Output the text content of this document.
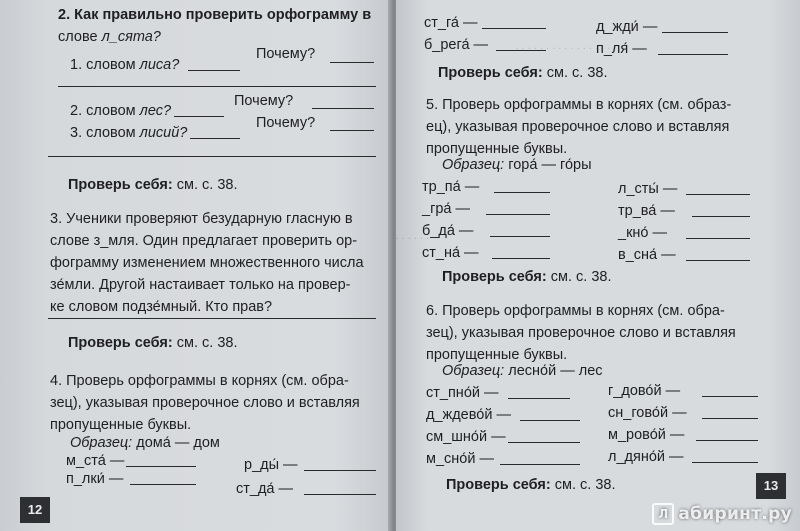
2. Как правильно проверить орфограмму в
слове л_сята?
1. словом лиса?
Почему?
2. словом лес?
Почему?
3. словом лисий?
Почему?
Проверь себя: см. с. 38.
3. Ученики проверяют безударную гласную в
слове з_мля. Один предлагает проверить ор-
фограмму изменением множественного числа
зе́мли. Другой настаивает только на провер-
ке словом подзе́мный. Кто прав?
Проверь себя: см. с. 38.
4. Проверь орфограммы в корнях (см. обра-
зец), указывая проверочное слово и вставляя
пропущенные буквы.
Образец: дома́ — дом
м_ста́ —	р_ды́ —
п_лки́ —
ст_да́ —
12
. . . . . . . . . . . . . . . .
. . . . . .
ст_га́ —	д_жди́ —
б_рега́ —	п_ля́ —
Проверь себя: см. с. 38.
5. Проверь орфограммы в корнях (см. образ-
ец), указывая проверочное слово и вставляя
пропущенные буквы.
Образец: гора́ — го́ры
тр_па́ —	л_сты́ —
_гра́ —	тр_ва́ —
б_да́ —	_кно́ —
ст_на́ —	в_сна́ —
Проверь себя: см. с. 38.
6. Проверь орфограммы в корнях (см. обра-
зец), указывая проверочное слово и вставляя
пропущенные буквы.
Образец: лесно́й — лес
ст_пно́й —	г_дово́й —
д_ждево́й —	сн_гово́й —
см_шно́й —	м_рово́й —
м_сно́й —	л_дяно́й —
Проверь себя: см. с. 38.	13
Л абиринт.ру
